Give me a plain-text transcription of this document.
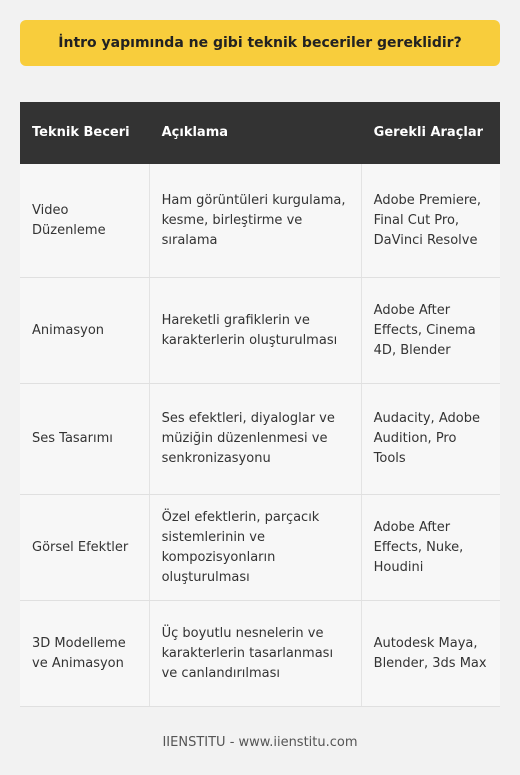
İntro yapımında ne gibi teknik beceriler gereklidir?
Teknik Beceri	Açıklama	Gerekli Araçlar
Video Düzenleme	Ham görüntüleri kurgulama, kesme, birleştirme ve sıralama	Adobe Premiere, Final Cut Pro, DaVinci Resolve
Animasyon	Hareketli grafiklerin ve karakterlerin oluşturulması	Adobe After Effects, Cinema 4D, Blender
Ses Tasarımı	Ses efektleri, diyaloglar ve müziğin düzenlenmesi ve senkronizasyonu	Audacity, Adobe Audition, Pro Tools
Görsel Efektler	Özel efektlerin, parçacık sistemlerinin ve kompozisyonların oluşturulması	Adobe After Effects, Nuke, Houdini
3D Modelleme ve Animasyon	Üç boyutlu nesnelerin ve karakterlerin tasarlanması ve canlandırılması	Autodesk Maya, Blender, 3ds Max
IIENSTITU - www.iienstitu.com
